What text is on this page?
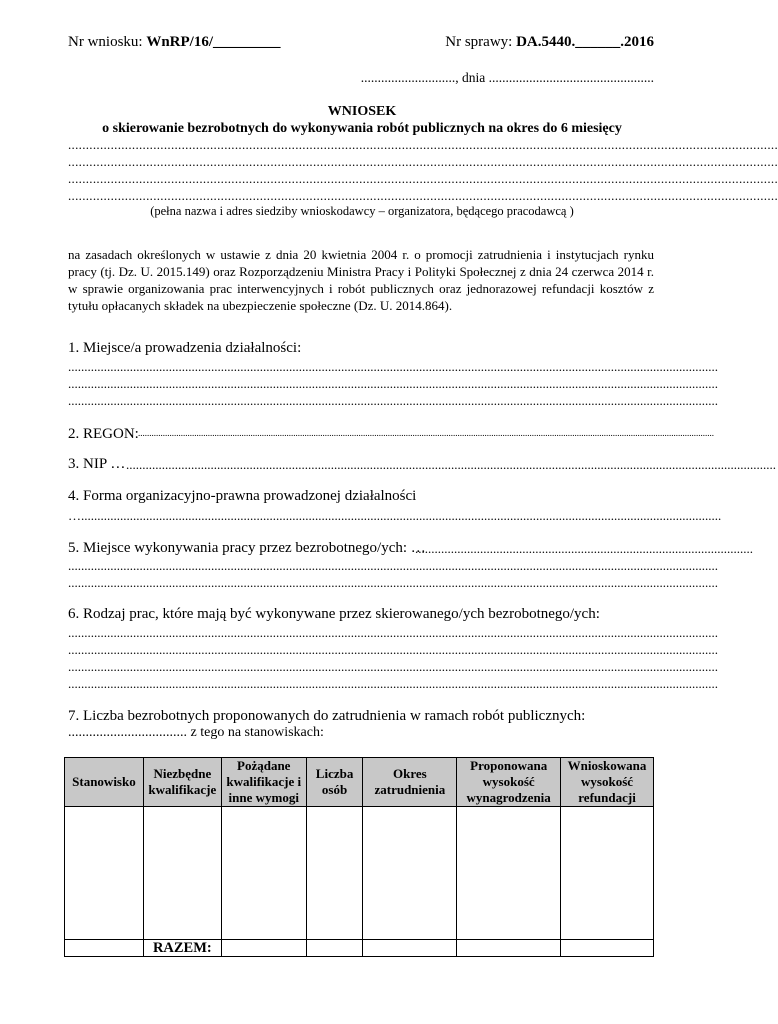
Nr wniosku: WnRP/16/_________	Nr sprawy: DA.5440.______.2016
............................, dnia .................................................
WNIOSEK
o skierowanie bezrobotnych do wykonywania robót publicznych na okres do 6 miesięcy
........................................................................................................................................................................................................
........................................................................................................................................................................................................
........................................................................................................................................................................................................
........................................................................................................................................................................................................
(pełna nazwa i adres siedziby wnioskodawcy – organizatora, będącego pracodawcą )
na zasadach określonych w ustawie z dnia 20 kwietnia 2004 r. o promocji zatrudnienia i instytucjach rynku pracy (tj. Dz. U. 2015.149) oraz Rozporządzeniu Ministra Pracy i Polityki Społecznej z dnia 24 czerwca 2014 r. w sprawie organizowania prac interwencyjnych i robót publicznych oraz jednorazowej refundacji kosztów z tytułu opłacanych składek na ubezpieczenie społeczne (Dz. U. 2014.864).
1. Miejsce/a prowadzenia działalności:
........................................................................................................................................................................................................
........................................................................................................................................................................................................
........................................................................................................................................................................................................
2. REGON: ................................................................................................................................................................................................................................................................
3. NIP … ........................................................................................................................................................................................................
4. Forma organizacyjno-prawna prowadzonej działalności
….....................................................................................................................................................................................................
5. Miejsce wykonywania pracy przez bezrobotnego/ych: …
........................................................................................................
........................................................................................................................................................................................................
........................................................................................................................................................................................................
6. Rodzaj prac, które mają być wykonywane przez skierowanego/ych bezrobotnego/ych:
........................................................................................................................................................................................................
........................................................................................................................................................................................................
........................................................................................................................................................................................................
........................................................................................................................................................................................................
7. Liczba bezrobotnych proponowanych do zatrudnienia w ramach robót publicznych:
.................................. z tego na stanowiskach:
Stanowisko	Niezbędne kwalifikacje	Pożądane kwalifikacje i inne wymogi	Liczba osób	Okres zatrudnienia	Proponowana wysokość wynagrodzenia	Wnioskowana wysokość refundacji

	RAZEM:					
